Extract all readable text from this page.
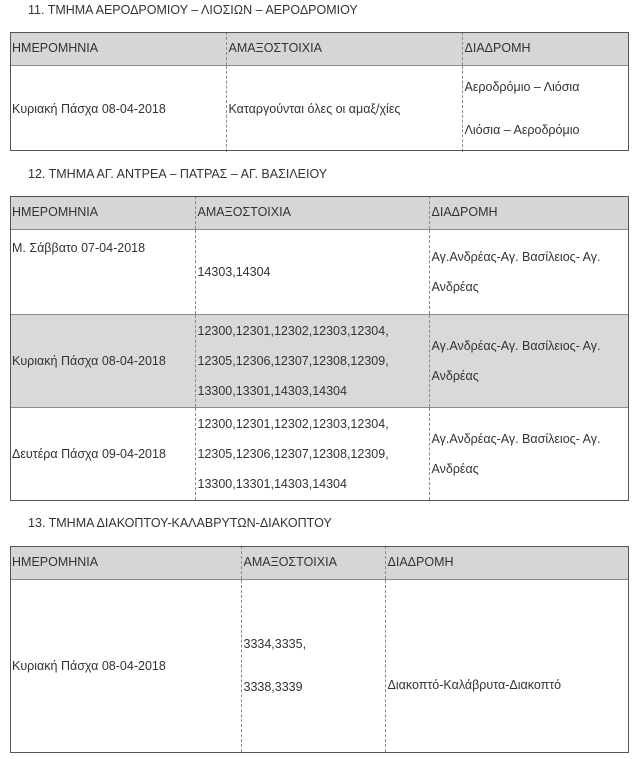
11. ΤΜΗΜΑ ΑΕΡΟΔΡΟΜΙΟΥ – ΛΙΟΣΙΩΝ – ΑΕΡΟΔΡΟΜΙΟΥ
ΗΜΕΡΟΜΗΝΙΑ	ΑΜΑΞΟΣΤΟΙΧΙΑ	ΔΙΑΔΡΟΜΗ
Κυριακή Πάσχα 08-04-2018	Καταργούνται όλες οι αμαξ/χίες	Αεροδρόμιο – Λιόσια
Λιόσια – Αεροδρόμιο
12. ΤΜΗΜΑ ΑΓ. ΑΝΤΡΕΑ – ΠΑΤΡΑΣ – ΑΓ. ΒΑΣΙΛΕΙΟΥ
ΗΜΕΡΟΜΗΝΙΑ	ΑΜΑΞΟΣΤΟΙΧΙΑ	ΔΙΑΔΡΟΜΗ
Μ. Σάββατο 07-04-2018	14303,14304	Αγ.Ανδρέας-Αγ. Βασίλειος- Αγ.
Ανδρέας

Κυριακή Πάσχα 08-04-2018	12300,12301,12302,12303,12304,
12305,12306,12307,12308,12309,
13300,13301,14303,14304	Αγ.Ανδρέας-Αγ. Βασίλειος- Αγ.
Ανδρέας

Δευτέρα Πάσχα 09-04-2018	12300,12301,12302,12303,12304,
12305,12306,12307,12308,12309,
13300,13301,14303,14304	Αγ.Ανδρέας-Αγ. Βασίλειος- Αγ.
Ανδρέας
13. ΤΜΗΜΑ ΔΙΑΚΟΠΤΟΥ-ΚΑΛΑΒΡΥΤΩΝ-ΔΙΑΚΟΠΤΟΥ
ΗΜΕΡΟΜΗΝΙΑ	ΑΜΑΞΟΣΤΟΙΧΙΑ	ΔΙΑΔΡΟΜΗ
Κυριακή Πάσχα 08-04-2018	3334,3335,
3338,3339	Διακοπτό-Καλάβρυτα-Διακοπτό
